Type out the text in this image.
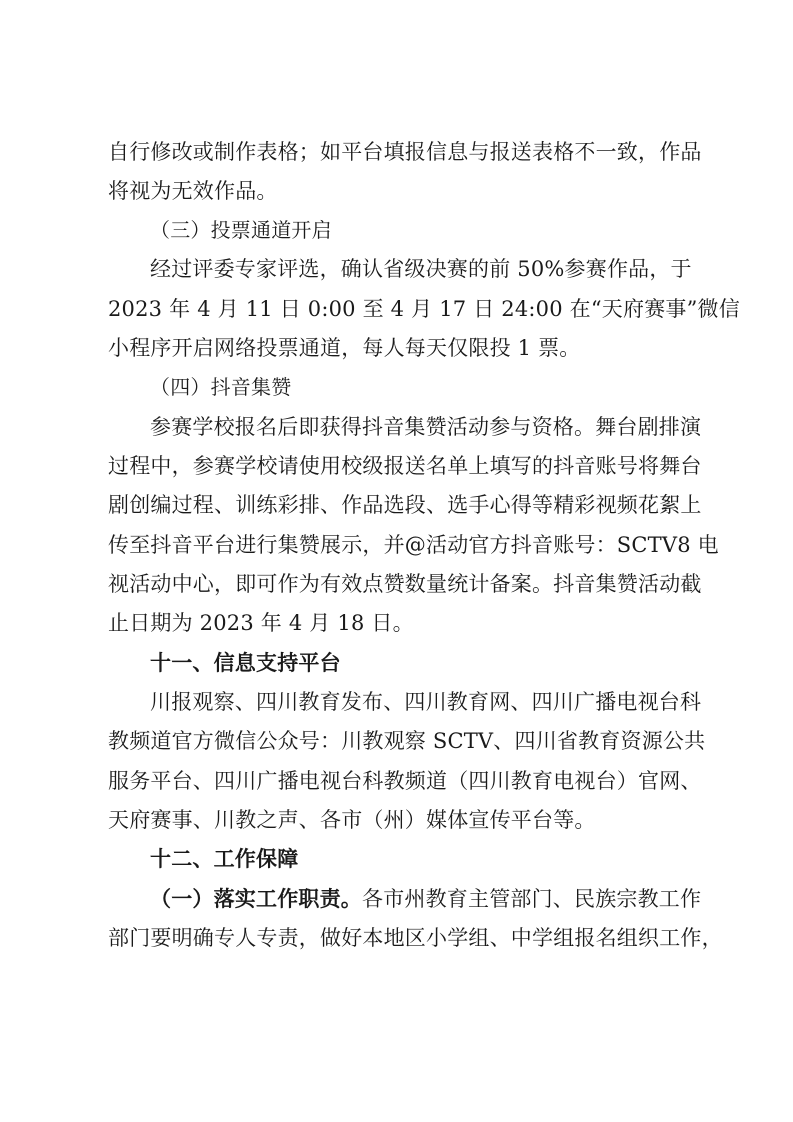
自行修改或制作表格；如平台填报信息与报送表格不一致，作品
将视为无效作品。
（三）投票通道开启
经过评委专家评选，确认省级决赛的前 50%参赛作品，于
2023 年 4 月 11 日 0:00 至 4 月 17 日 24:00 在“天府赛事”微信
小程序开启网络投票通道，每人每天仅限投 1 票。
（四）抖音集赞
参赛学校报名后即获得抖音集赞活动参与资格。舞台剧排演
过程中，参赛学校请使用校级报送名单上填写的抖音账号将舞台
剧创编过程、训练彩排、作品选段、选手心得等精彩视频花絮上
传至抖音平台进行集赞展示，并@活动官方抖音账号：SCTV8 电
视活动中心，即可作为有效点赞数量统计备案。抖音集赞活动截
止日期为 2023 年 4 月 18 日。
十一、信息支持平台
川报观察、四川教育发布、四川教育网、四川广播电视台科
教频道官方微信公众号：川教观察 SCTV、四川省教育资源公共
服务平台、四川广播电视台科教频道（四川教育电视台）官网、
天府赛事、川教之声、各市（州）媒体宣传平台等。
十二、工作保障
（一）落实工作职责。各市州教育主管部门、民族宗教工作
部门要明确专人专责，做好本地区小学组、中学组报名组织工作，
